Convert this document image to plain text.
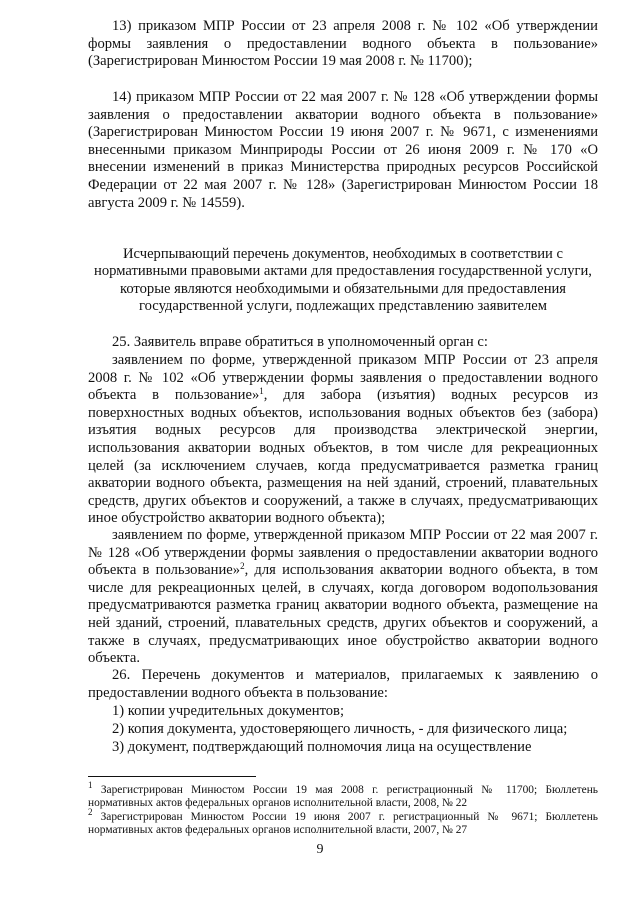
13) приказом МПР России от 23 апреля 2008 г. № 102 «Об утверждении формы заявления о предоставлении водного объекта в пользование» (Зарегистрирован Минюстом России 19 мая 2008 г. № 11700);
14) приказом МПР России от 22 мая 2007 г. № 128 «Об утверждении формы заявления о предоставлении акватории водного объекта в пользование» (Зарегистрирован Минюстом России 19 июня 2007 г. № 9671, с изменениями внесенными приказом Минприроды России от 26 июня 2009 г. № 170 «О внесении изменений в приказ Министерства природных ресурсов Российской Федерации от 22 мая 2007 г. № 128» (Зарегистрирован Минюстом России 18 августа 2009 г. № 14559).
Исчерпывающий перечень документов, необходимых в соответствии с нормативными правовыми актами для предоставления государственной услуги, которые являются необходимыми и обязательными для предоставления государственной услуги, подлежащих представлению заявителем
25. Заявитель вправе обратиться в уполномоченный орган с:
заявлением по форме, утвержденной приказом МПР России от 23 апреля 2008 г. № 102 «Об утверждении формы заявления о предоставлении водного объекта в пользование»$^1$, для забора (изъятия) водных ресурсов из поверхностных водных объектов, использования водных объектов без (забора) изъятия водных ресурсов для производства электрической энергии, использования акватории водных объектов, в том числе для рекреационных целей (за исключением случаев, когда предусматривается разметка границ акватории водного объекта, размещения на ней зданий, строений, плавательных средств, других объектов и сооружений, а также в случаях, предусматривающих иное обустройство акватории водного объекта);
заявлением по форме, утвержденной приказом МПР России от 22 мая 2007 г. № 128 «Об утверждении формы заявления о предоставлении акватории водного объекта в пользование»$^2$, для использования акватории водного объекта, в том числе для рекреационных целей, в случаях, когда договором водопользования предусматриваются разметка границ акватории водного объекта, размещение на ней зданий, строений, плавательных средств, других объектов и сооружений, а также в случаях, предусматривающих иное обустройство акватории водного объекта.
26. Перечень документов и материалов, прилагаемых к заявлению о предоставлении водного объекта в пользование:
1) копии учредительных документов;
2) копия документа, удостоверяющего личность, - для физического лица;
3) документ, подтверждающий полномочия лица на осуществление
$^1$ Зарегистрирован Минюстом России 19 мая 2008 г. регистрационный № 11700; Бюллетень нормативных актов федеральных органов исполнительной власти, 2008, № 22
$^2$ Зарегистрирован Минюстом России 19 июня 2007 г. регистрационный № 9671; Бюллетень нормативных актов федеральных органов исполнительной власти, 2007, № 27
9
